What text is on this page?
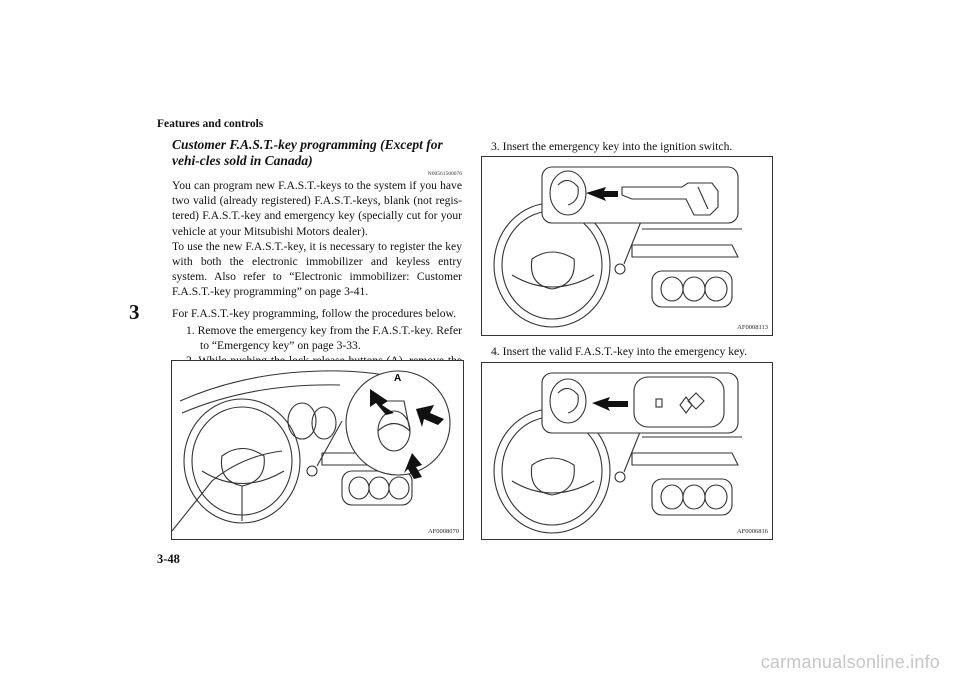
Features and controls
3
3-48
carmanualsonline.info
Customer F.A.S.T.-key programming (Except for vehi-cles sold in Canada)
N00561500076

You can program new F.A.S.T.-keys to the system if you have two valid (already registered) F.A.S.T.-keys, blank (not regis-tered) F.A.S.T.-key and emergency key (specially cut for your vehicle at your Mitsubishi Motors dealer).

To use the new F.A.S.T.-key, it is necessary to register the key with both the electronic immobilizer and keyless entry system. Also refer to “Electronic immobilizer: Customer F.A.S.T.-key programming” on page 3-41.

For F.A.S.T.-key programming, follow the procedures below.
1. Remove the emergency key from the F.A.S.T.-key. Refer to “Emergency key” on page 3-33.
A
AF0008070
3. Insert the emergency key into the ignition switch.
AF0008113
4. Insert the valid F.A.S.T.-key into the emergency key.
AF0006816
